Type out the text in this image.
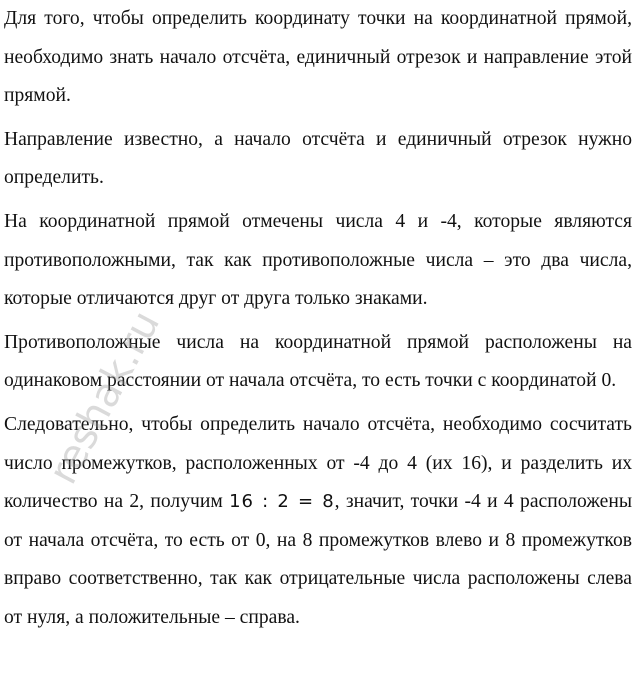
Для того, чтобы определить координату точки на координатной прямой, необходимо знать начало отсчёта, единичный отрезок и направление этой прямой.

Направление известно, а начало отсчёта и единичный отрезок нужно определить.

На координатной прямой отмечены числа 4 и -4, которые являются противоположными, так как противоположные числа – это два числа, которые отличаются друг от друга только знаками.

Противоположные числа на координатной прямой расположены на одинаковом расстоянии от начала отсчёта, то есть точки с координатой 0.

Следовательно, чтобы определить начало отсчёта, необходимо сосчитать число промежутков, расположенных от -4 до 4 (их 16), и разделить их количество на 2, получим 16 : 2 = 8, значит, точки -4 и 4 расположены от начала отсчёта, то есть от 0, на 8 промежутков влево и 8 промежутков вправо соответственно, так как отрицательные числа расположены слева от нуля, а положительные – справа.

reshak.ru
